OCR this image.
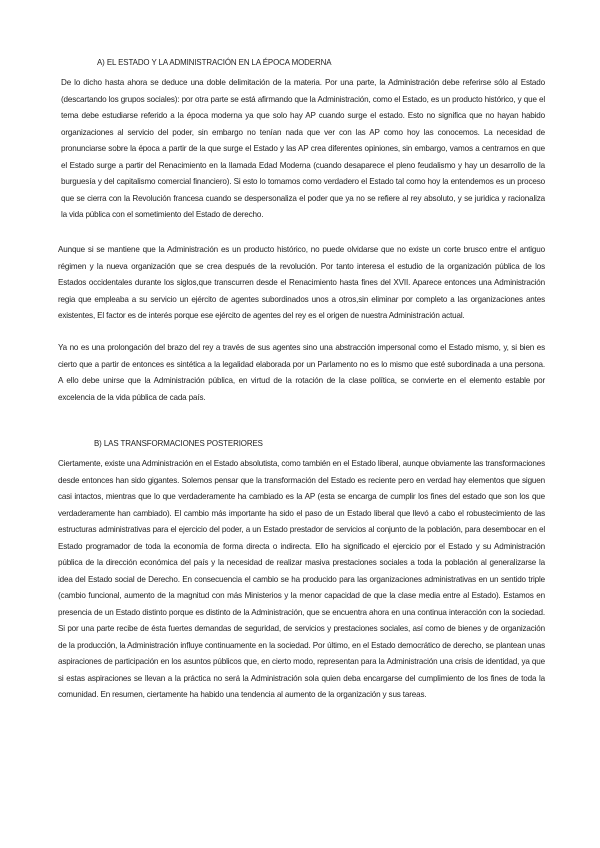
A) EL ESTADO Y LA ADMINISTRACIÓN EN LA ÉPOCA MODERNA

De lo dicho hasta ahora se deduce una doble delimitación de la materia. Por una parte, la Administración debe referirse sólo al Estado (descartando los grupos sociales): por otra parte se está afirmando que la Administración, como el Estado, es un producto histórico, y que el tema debe estudiarse referido a la época moderna ya que solo hay AP cuando surge el estado. Esto no significa que no hayan habido organizaciones al servicio del poder, sin embargo no tenían nada que ver con las AP como hoy las conocemos. La necesidad de pronunciarse sobre la época a partir de la que surge el Estado y las AP crea diferentes opiniones, sin embargo, vamos a centrarnos en que el Estado surge a partir del Renacimiento en la llamada Edad Moderna (cuando desaparece el pleno feudalismo y hay un desarrollo de la burguesía y del capitalismo comercial financiero). Si esto lo tomamos como verdadero el Estado tal como hoy la entendemos es un proceso que se cierra con la Revolución francesa cuando se despersonaliza el poder que ya no se refiere al rey absoluto, y se juridica y racionaliza la vida pública con el sometimiento del Estado de derecho.

Aunque si se mantiene que la Administración es un producto histórico, no puede olvidarse que no existe un corte brusco entre el antiguo régimen y la nueva organización que se crea después de la revolución. Por tanto interesa el estudio de la organización pública de los Estados occidentales durante los siglos,que transcurren desde el Renacimiento hasta fines del XVII. Aparece entonces una Administración regia que empleaba a su servicio un ejército de agentes subordinados unos a otros,sin eliminar por completo a las organizaciones antes existentes, El factor es de interés porque ese ejército de agentes del rey es el origen de nuestra Administración actual.

Ya no es una prolongación del brazo del rey a través de sus agentes sino una abstracción impersonal como el Estado mismo, y, si bien es cierto que a partir de entonces es sintética a la legalidad elaborada por un Parlamento no es lo mismo que esté subordinada a una persona. A ello debe unirse que la Administración pública, en virtud de la rotación de la clase política, se convierte en el elemento estable por excelencia de la vida pública de cada país.

B) LAS TRANSFORMACIONES POSTERIORES

Ciertamente, existe una Administración en el Estado absolutista, como también en el Estado liberal, aunque obviamente las transformaciones desde entonces han sido gigantes. Solemos pensar que la transformación del Estado es reciente pero en verdad hay elementos que siguen casi intactos, mientras que lo que verdaderamente ha cambiado es la AP (esta se encarga de cumplir los fines del estado que son los que verdaderamente han cambiado). El cambio más importante ha sido el paso de un Estado liberal que llevó a cabo el robustecimiento de las estructuras administrativas para el ejercicio del poder, a un Estado prestador de servicios al conjunto de la población, para desembocar en el Estado programador de toda la economía de forma directa o indirecta. Ello ha significado el ejercicio por el Estado y su Administración pública de la dirección económica del país y la necesidad de realizar masiva prestaciones sociales a toda la población al generalizarse la idea del Estado social de Derecho. En consecuencia el cambio se ha producido para las organizaciones administrativas en un sentido triple (cambio funcional, aumento de la magnitud con más Ministerios y la menor capacidad de que la clase media entre al Estado). Estamos en presencia de un Estado distinto porque es distinto de la Administración, que se encuentra ahora en una continua interacción con la sociedad. Si por una parte recibe de ésta fuertes demandas de seguridad, de servicios y prestaciones sociales, así como de bienes y de organización de la producción, la Administración influye continuamente en la sociedad. Por último, en el Estado democrático de derecho, se plantean unas aspiraciones de participación en los asuntos públicos que, en cierto modo, representan para la Administración una crisis de identidad, ya que si estas aspiraciones se llevan a la práctica no será la Administración sola quien deba encargarse del cumplimiento de los fines de toda la comunidad. En resumen, ciertamente ha habido una tendencia al aumento de la organización y sus tareas.
